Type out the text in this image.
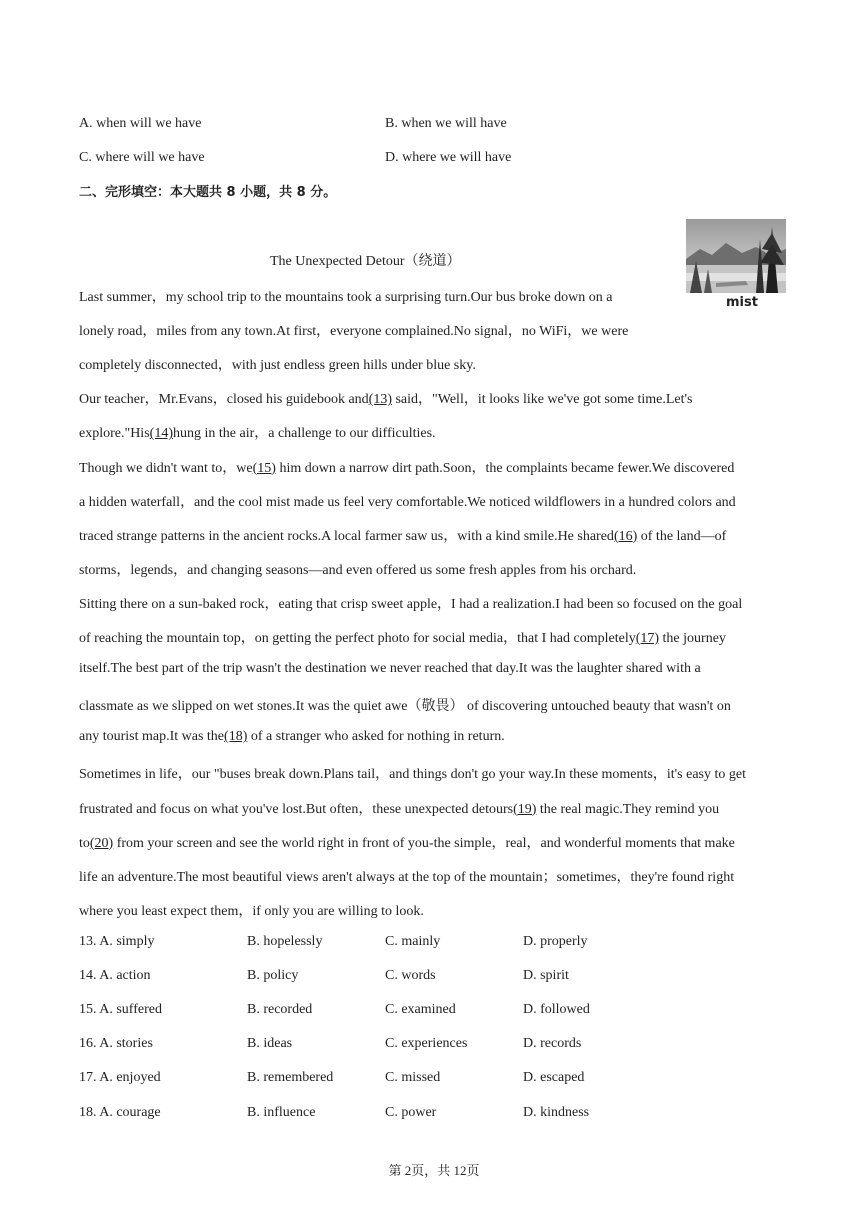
A. when will we have	B. when we will have
C. where will we have	D. where we will have
二、完形填空：本大题共 8 小题，共 8 分。
The Unexpected Detour（绕道）
mist
Last summer，my school trip to the mountains took a surprising turn.Our bus broke down on a
lonely road，miles from any town.At first，everyone complained.No signal，no WiFi，we were
completely disconnected，with just endless green hills under blue sky.
Our teacher，Mr.Evans，closed his guidebook and(13) said，"Well，it looks like we've got some time.Let's
explore."His(14)hung in the air，a challenge to our difficulties.
Though we didn't want to，we(15) him down a narrow dirt path.Soon，the complaints became fewer.We discovered
a hidden waterfall，and the cool mist made us feel very comfortable.We noticed wildflowers in a hundred colors and
traced strange patterns in the ancient rocks.A local farmer saw us，with a kind smile.He shared(16) of the land—of
storms，legends，and changing seasons—and even offered us some fresh apples from his orchard.
Sitting there on a sun-baked rock，eating that crisp sweet apple，I had a realization.I had been so focused on the goal
of reaching the mountain top，on getting the perfect photo for social media，that I had completely(17) the journey
itself.The best part of the trip wasn't the destination we never reached that day.It was the laughter shared with a
classmate as we slipped on wet stones.It was the quiet awe（敬畏） of discovering untouched beauty that wasn't on
any tourist map.It was the(18) of a stranger who asked for nothing in return.
Sometimes in life，our "buses break down.Plans tail，and things don't go your way.In these moments，it's easy to get
frustrated and focus on what you've lost.But often，these unexpected detours(19) the real magic.They remind you
to(20) from your screen and see the world right in front of you-the simple，real，and wonderful moments that make
life an adventure.The most beautiful views aren't always at the top of the mountain；sometimes，they're found right
where you least expect them，if only you are willing to look.
13. A. simply	B. hopelessly	C. mainly	D. properly
14. A. action	B. policy	C. words	D. spirit
15. A. suffered	B. recorded	C. examined	D. followed
16. A. stories	B. ideas	C. experiences	D. records
17. A. enjoyed	B. remembered	C. missed	D. escaped
18. A. courage	B. influence	C. power	D. kindness
第 2页，共 12页
